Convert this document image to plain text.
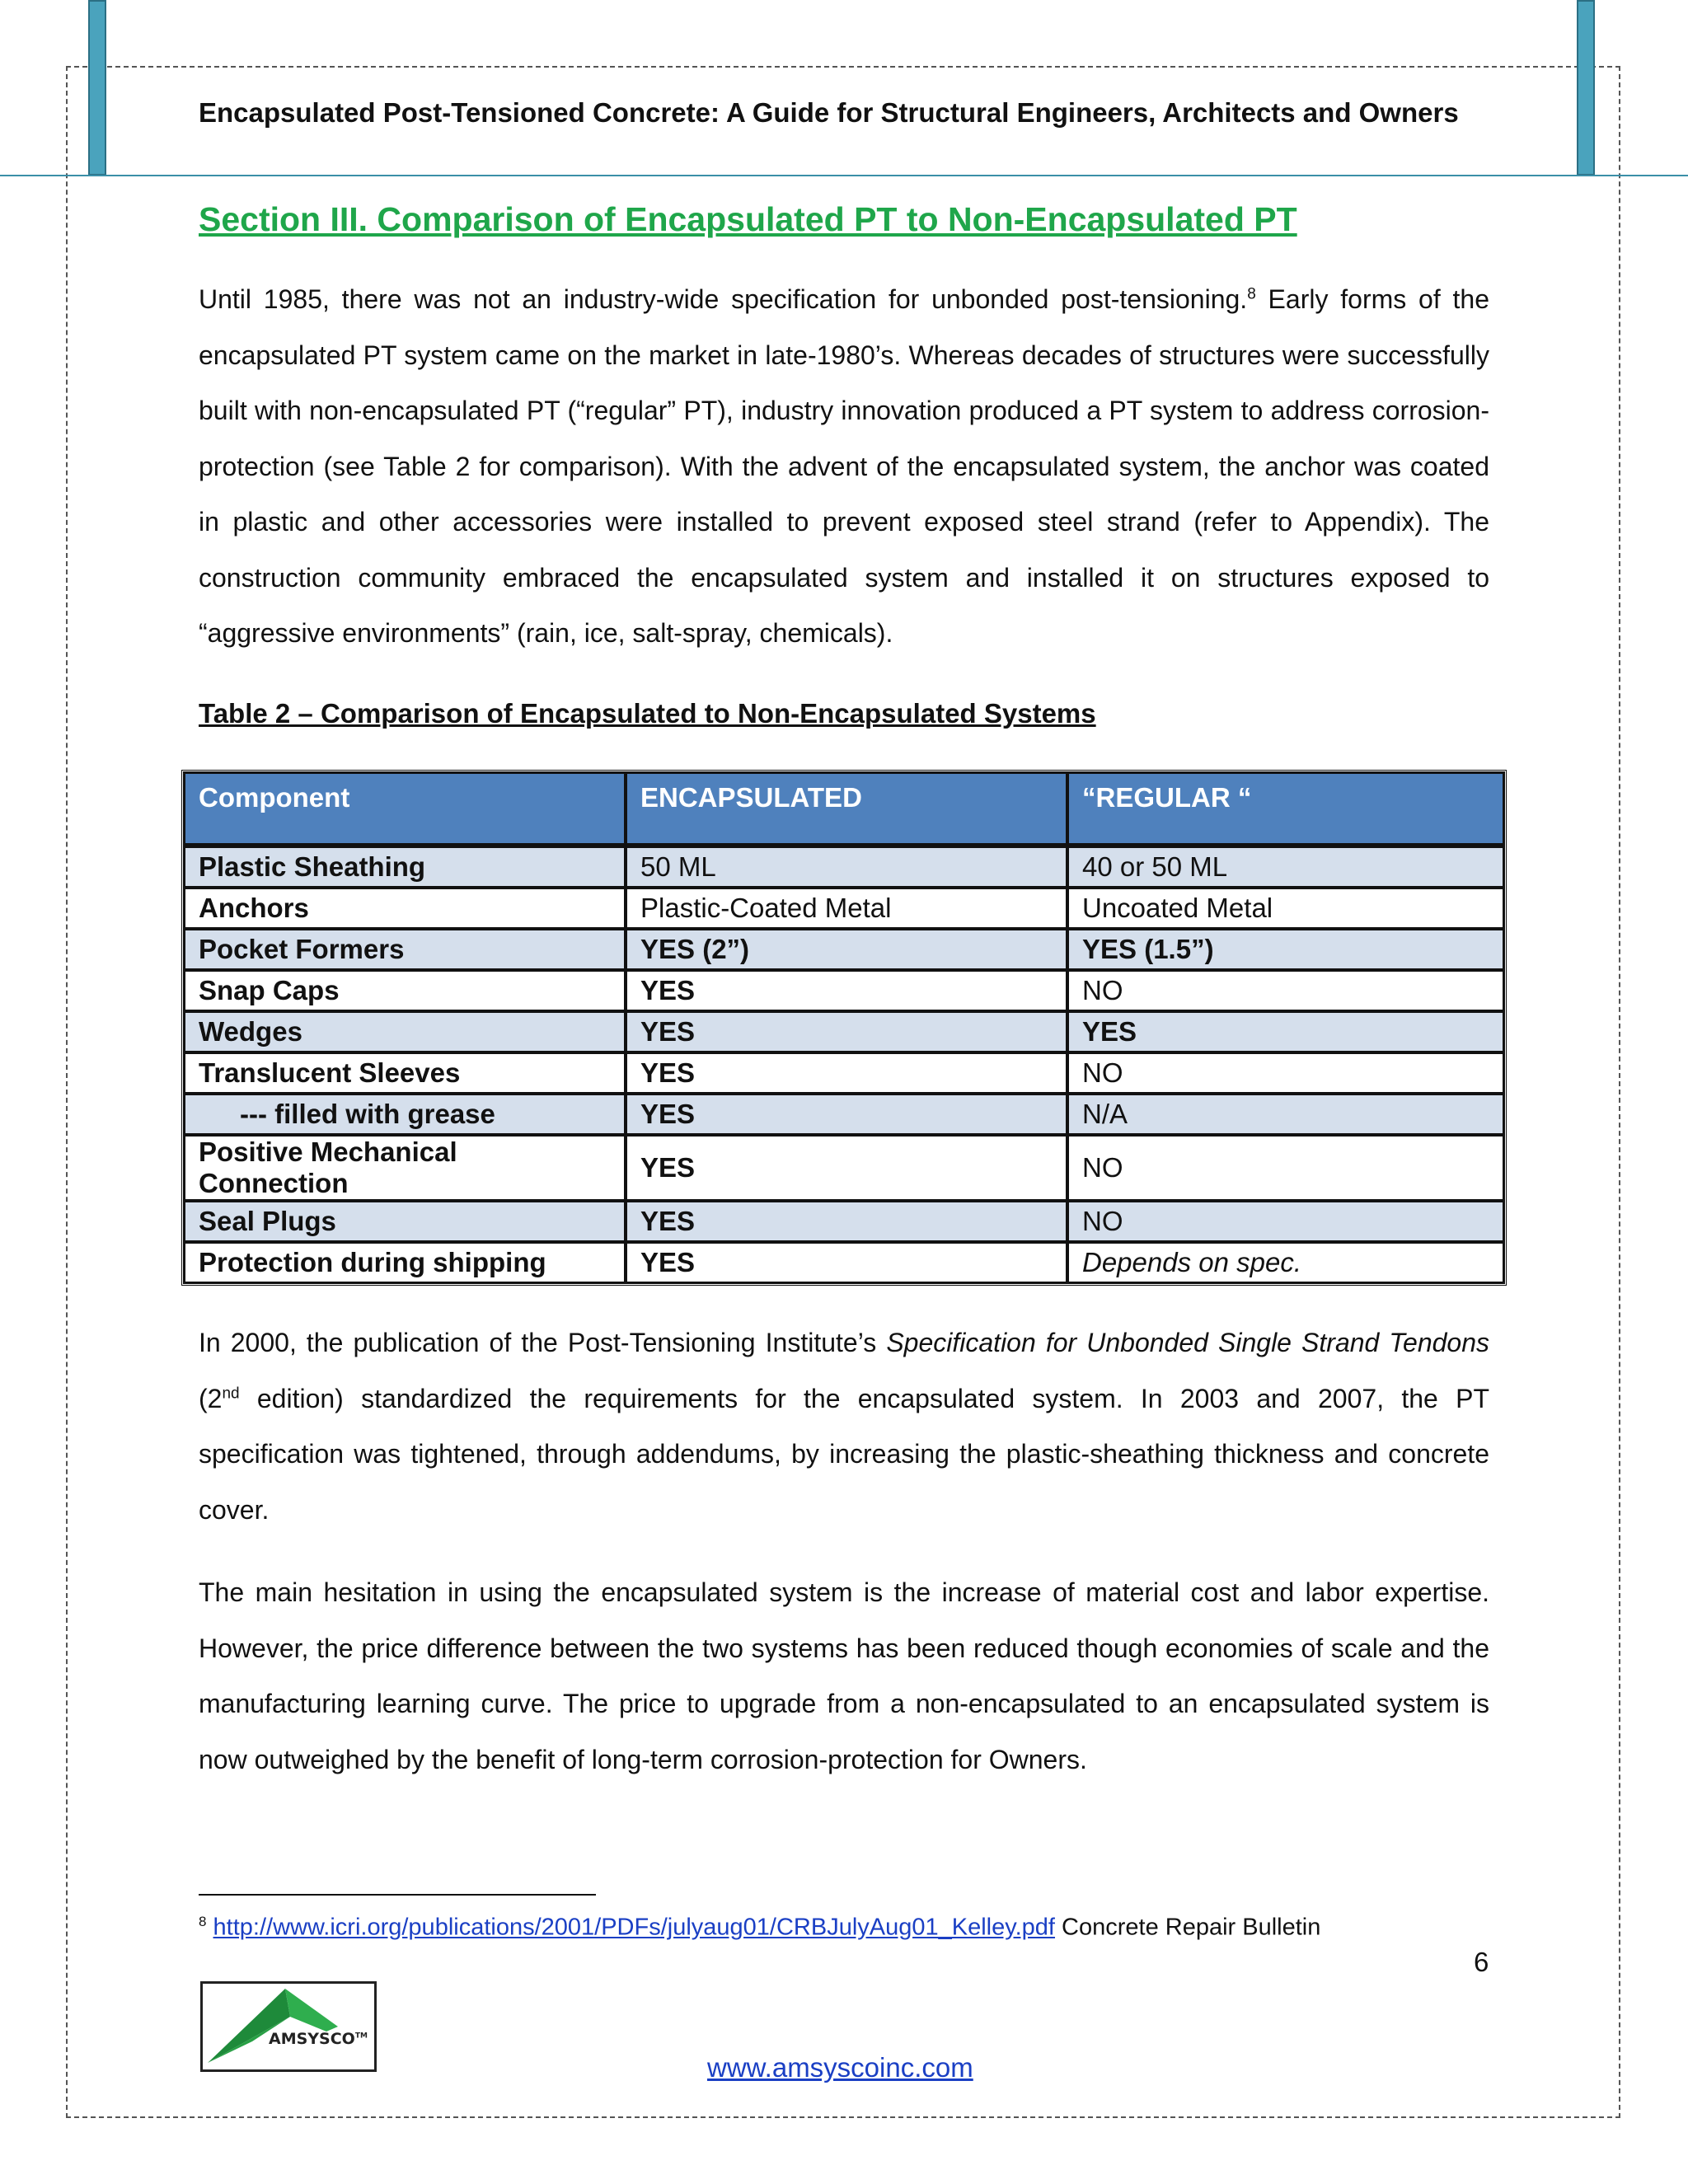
Encapsulated Post-Tensioned Concrete: A Guide for Structural Engineers, Architects and Owners
Section III. Comparison of Encapsulated PT to Non-Encapsulated PT
Until 1985, there was not an industry-wide specification for unbonded post-tensioning.$^8$ Early forms of the encapsulated PT system came on the market in late-1980’s. Whereas decades of structures were successfully built with non-encapsulated PT (“regular” PT), industry innovation produced a PT system to address corrosion-protection (see Table 2 for comparison). With the advent of the encapsulated system, the anchor was coated in plastic and other accessories were installed to prevent exposed steel strand (refer to Appendix). The construction community embraced the encapsulated system and installed it on structures exposed to “aggressive environments” (rain, ice, salt-spray, chemicals).
Table 2 – Comparison of Encapsulated to Non-Encapsulated Systems
Component	ENCAPSULATED	“REGULAR “
Plastic Sheathing	50 ML	40 or 50 ML
Anchors	Plastic-Coated Metal	Uncoated Metal
Pocket Formers	YES (2”)	YES (1.5”)
Snap Caps	YES	NO
Wedges	YES	YES
Translucent Sleeves	YES	NO
--- filled with grease	YES	N/A
Positive Mechanical Connection	YES	NO
Seal Plugs	YES	NO
Protection during shipping	YES	Depends on spec.
In 2000, the publication of the Post-Tensioning Institute’s Specification for Unbonded Single Strand Tendons (2nd edition) standardized the requirements for the encapsulated system. In 2003 and 2007, the PT specification was tightened, through addendums, by increasing the plastic-sheathing thickness and concrete cover.
The main hesitation in using the encapsulated system is the increase of material cost and labor expertise. However, the price difference between the two systems has been reduced though economies of scale and the manufacturing learning curve. The price to upgrade from a non-encapsulated to an encapsulated system is now outweighed by the benefit of long-term corrosion-protection for Owners.
$^8$ http://www.icri.org/publications/2001/PDFs/julyaug01/CRBJulyAug01_Kelley.pdf Concrete Repair Bulletin
6
AMSYSCO™
www.amsyscoinc.com
